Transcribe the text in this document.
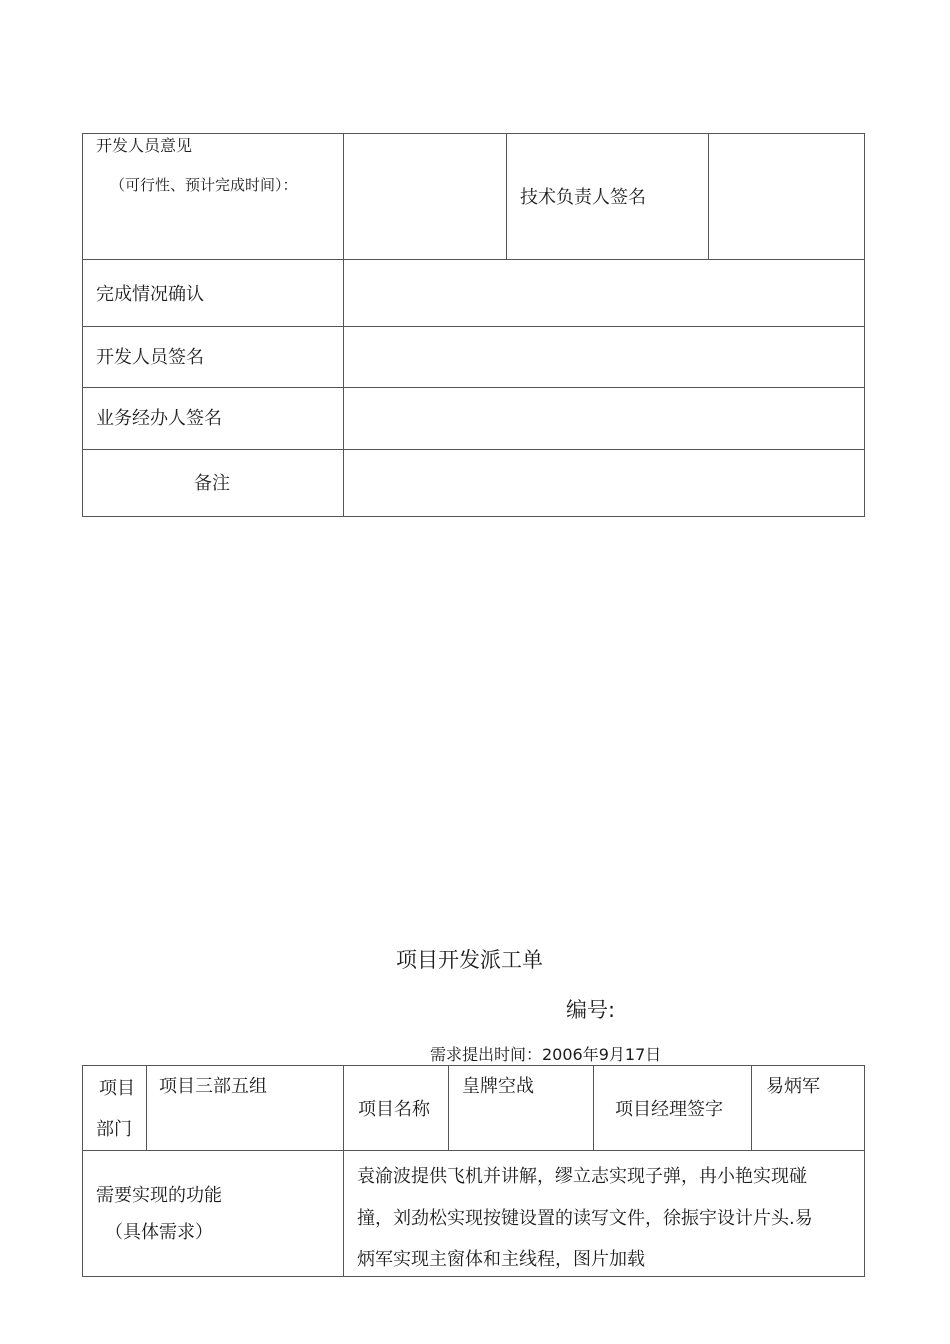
开发人员意见
（可行性、预计完成时间）：
技术负责人签名
完成情况确认
开发人员签名
业务经办人签名
备注
项目开发派工单
编号:
需求提出时间：2006年9月17日
项目
部门
项目三部五组
项目名称
皇牌空战
项目经理签字
易炳军
需要实现的功能
（具体需求）
袁渝波提供飞机并讲解，缪立志实现子弹，冉小艳实现碰
撞，刘劲松实现按键设置的读写文件，徐振宇设计片头.易
炳军实现主窗体和主线程，图片加载
